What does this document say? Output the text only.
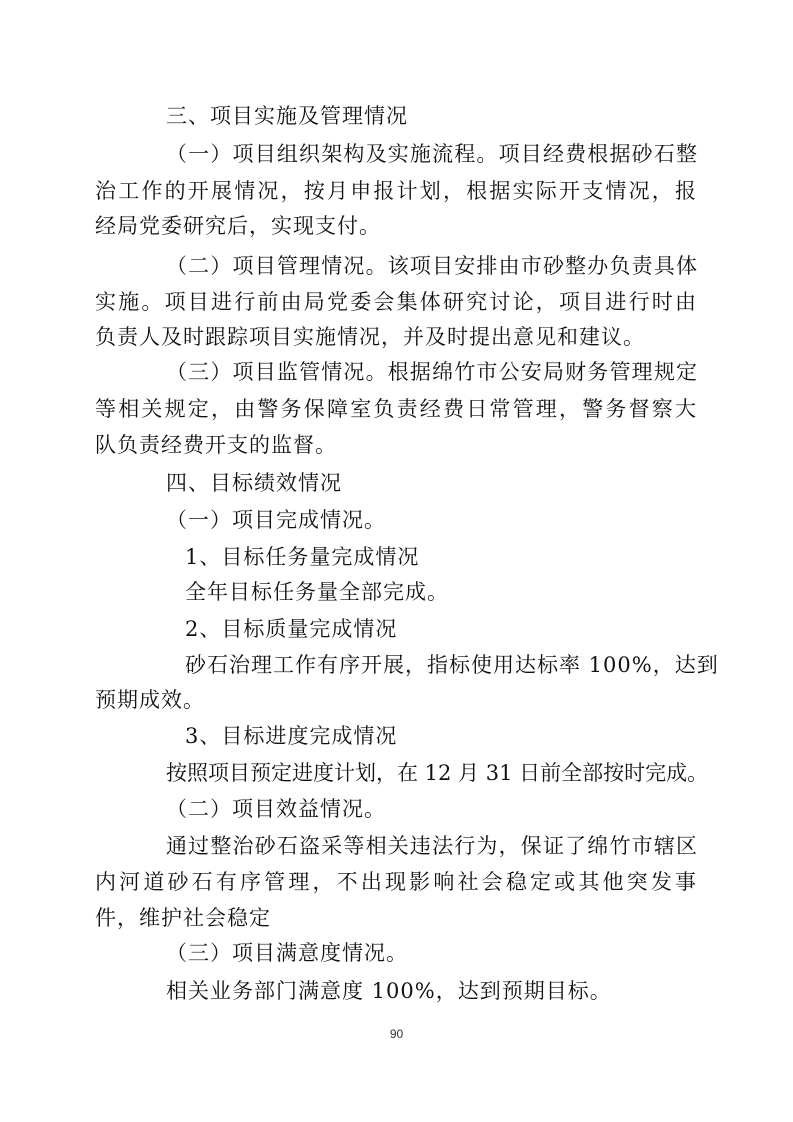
三、项目实施及管理情况
（一）项目组织架构及实施流程。项目经费根据砂石整
治工作的开展情况，按月申报计划，根据实际开支情况，报
经局党委研究后，实现支付。
（二）项目管理情况。该项目安排由市砂整办负责具体
实施。项目进行前由局党委会集体研究讨论，项目进行时由
负责人及时跟踪项目实施情况，并及时提出意见和建议。
（三）项目监管情况。根据绵竹市公安局财务管理规定
等相关规定，由警务保障室负责经费日常管理，警务督察大
队负责经费开支的监督。
四、目标绩效情况
（一）项目完成情况。
1、目标任务量完成情况
全年目标任务量全部完成。
2、目标质量完成情况
砂石治理工作有序开展，指标使用达标率 100%，达到
预期成效。
3、目标进度完成情况
按照项目预定进度计划，在 12 月 31 日前全部按时完成。
（二）项目效益情况。
通过整治砂石盗采等相关违法行为，保证了绵竹市辖区
内河道砂石有序管理，不出现影响社会稳定或其他突发事
件，维护社会稳定
（三）项目满意度情况。
相关业务部门满意度 100%，达到预期目标。
90
